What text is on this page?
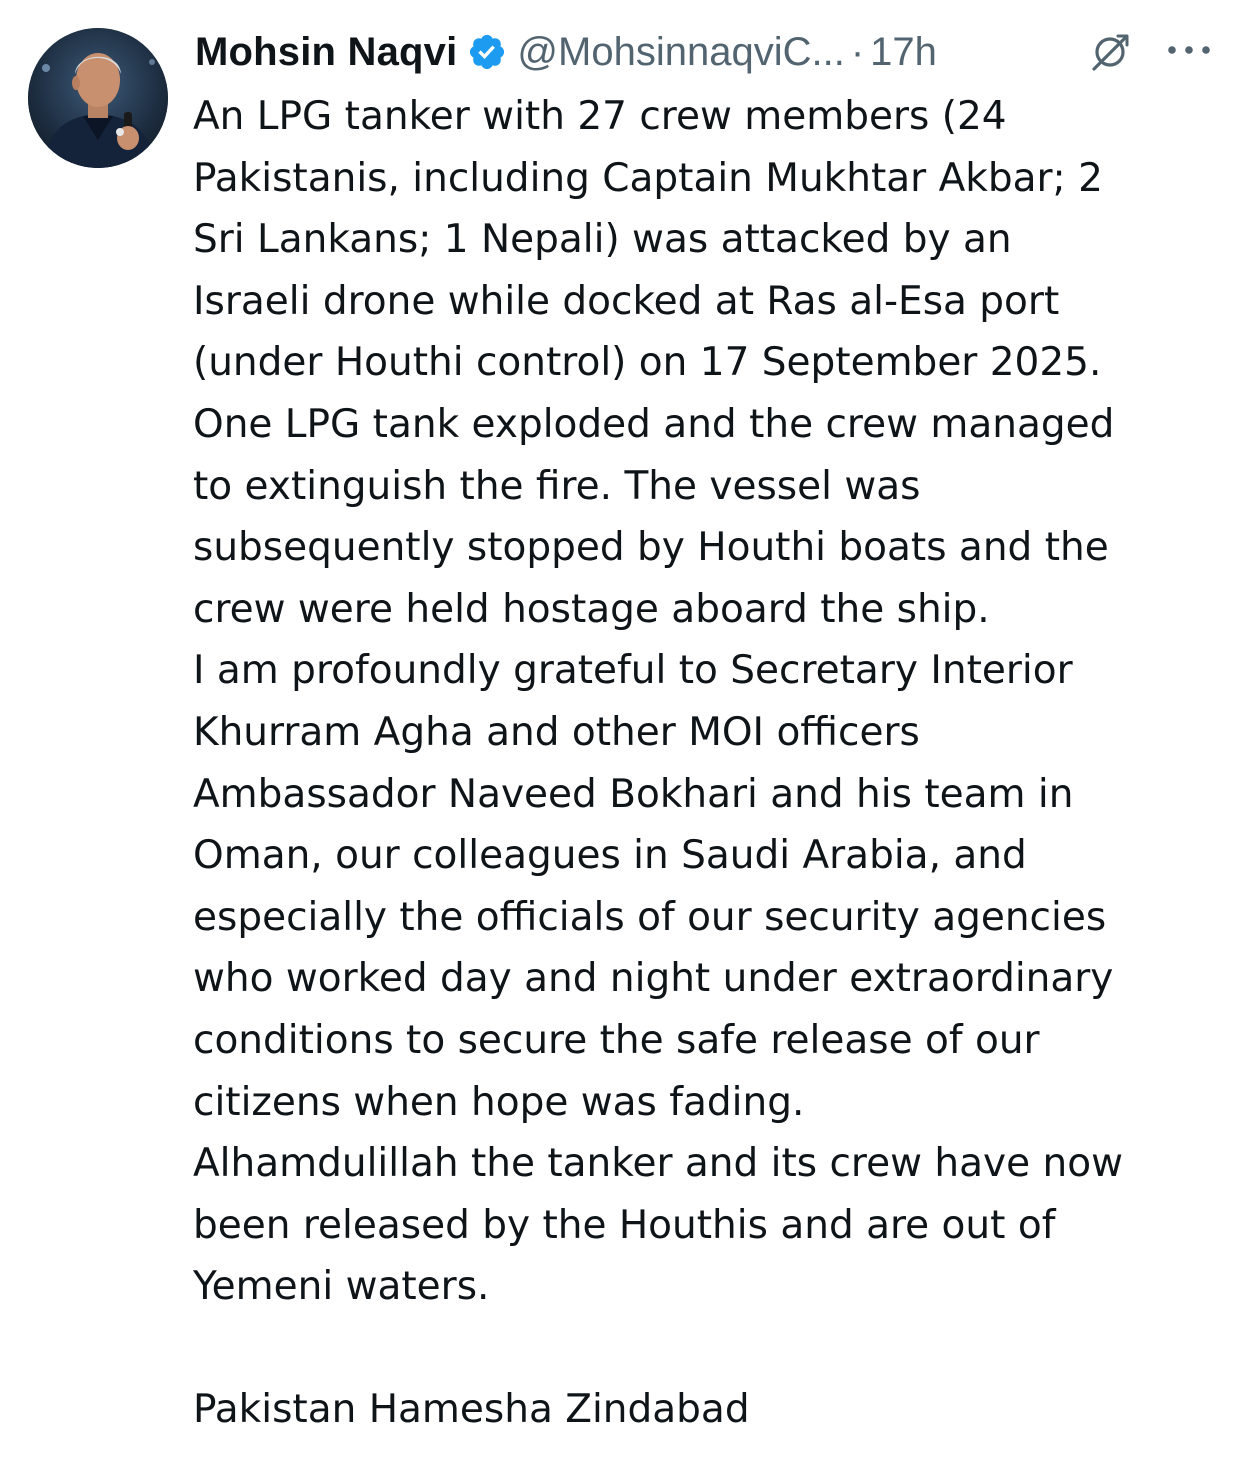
Mohsin Naqvi @MohsinnaqviC... · 17h
An LPG tanker with 27 crew members (24
Pakistanis, including Captain Mukhtar Akbar; 2
Sri Lankans; 1 Nepali) was attacked by an
Israeli drone while docked at Ras al-Esa port
(under Houthi control) on 17 September 2025.
One LPG tank exploded and the crew managed
to extinguish the fire. The vessel was
subsequently stopped by Houthi boats and the
crew were held hostage aboard the ship.
I am profoundly grateful to Secretary Interior
Khurram Agha and other MOI officers
Ambassador Naveed Bokhari and his team in
Oman, our colleagues in Saudi Arabia, and
especially the officials of our security agencies
who worked day and night under extraordinary
conditions to secure the safe release of our
citizens when hope was fading.
Alhamdulillah the tanker and its crew have now
been released by the Houthis and are out of
Yemeni waters.
Pakistan Hamesha Zindabad
